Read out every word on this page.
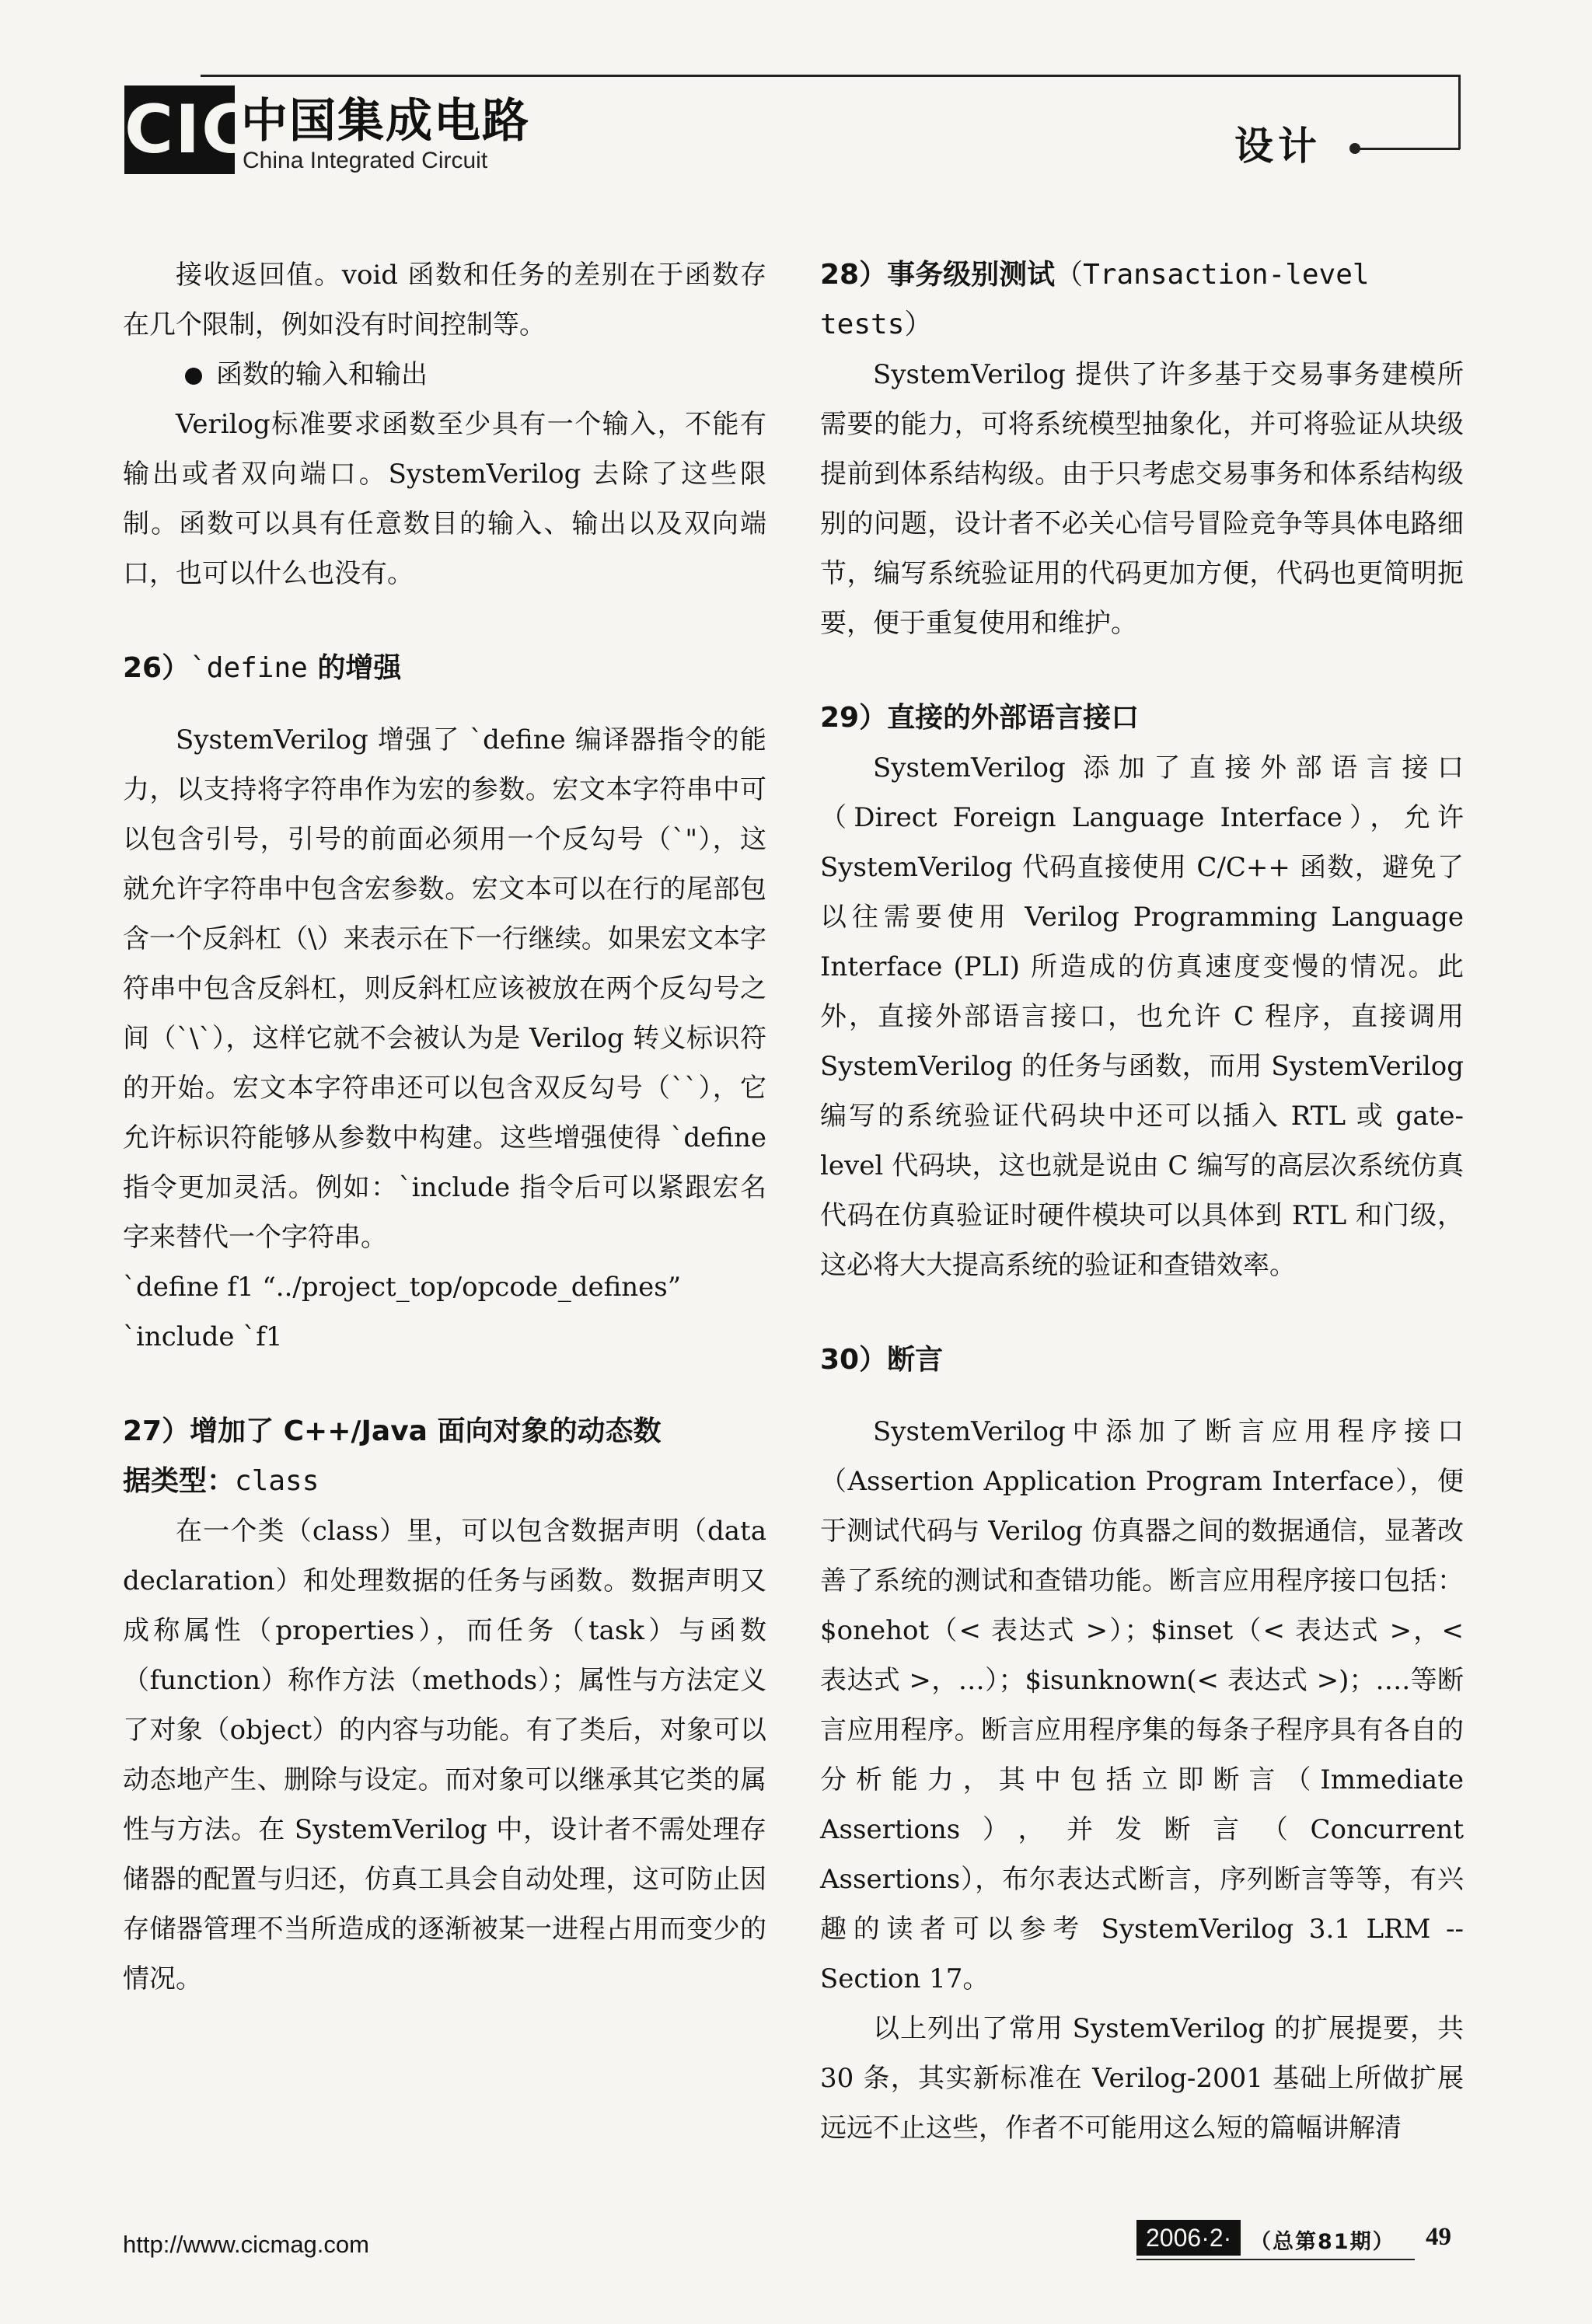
CIC
中国集成电路
China Integrated Circuit	设计

接收返回值。void 函数和任务的差别在于函数存在几个限制，例如没有时间控制等。

函数的输入和输出

Verilog标准要求函数至少具有一个输入，不能有输出或者双向端口。SystemVerilog 去除了这些限制。函数可以具有任意数目的输入、输出以及双向端口，也可以什么也没有。

26）`define 的增强

SystemVerilog 增强了 `define 编译器指令的能力，以支持将字符串作为宏的参数。宏文本字符串中可以包含引号，引号的前面必须用一个反勾号（`"），这就允许字符串中包含宏参数。宏文本可以在行的尾部包含一个反斜杠（\）来表示在下一行继续。如果宏文本字符串中包含反斜杠，则反斜杠应该被放在两个反勾号之间（`\`），这样它就不会被认为是 Verilog 转义标识符的开始。宏文本字符串还可以包含双反勾号（``），它允许标识符能够从参数中构建。这些增强使得 `define 指令更加灵活。例如：`include 指令后可以紧跟宏名字来替代一个字符串。

`define f1 “../project_top/opcode_defines”

`include `f1

27）增加了 C++/Java 面向对象的动态数
据类型：class

在一个类（class）里，可以包含数据声明（data declaration）和处理数据的任务与函数。数据声明又成称属性（properties），而任务（task）与函数（function）称作方法（methods）；属性与方法定义了对象（object）的内容与功能。有了类后，对象可以动态地产生、删除与设定。而对象可以继承其它类的属性与方法。在 SystemVerilog 中，设计者不需处理存储器的配置与归还，仿真工具会自动处理，这可防止因存储器管理不当所造成的逐渐被某一进程占用而变少的情况。

28）事务级别测试（Transaction-level
tests）

SystemVerilog 提供了许多基于交易事务建模所需要的能力，可将系统模型抽象化，并可将验证从块级提前到体系结构级。由于只考虑交易事务和体系结构级别的问题，设计者不必关心信号冒险竞争等具体电路细节，编写系统验证用的代码更加方便，代码也更简明扼要，便于重复使用和维护。

29）直接的外部语言接口

SystemVerilog 添加了直接外部语言接口（Direct Foreign Language Interface），允许 SystemVerilog 代码直接使用 C/C++ 函数，避免了以往需要使用 Verilog Programming Language Interface (PLI) 所造成的仿真速度变慢的情况。此外，直接外部语言接口，也允许 C 程序，直接调用 SystemVerilog 的任务与函数，而用 SystemVerilog 编写的系统验证代码块中还可以插入 RTL 或 gate-level 代码块，这也就是说由 C 编写的高层次系统仿真代码在仿真验证时硬件模块可以具体到 RTL 和门级，这必将大大提高系统的验证和查错效率。

30）断言

SystemVerilog中添加了断言应用程序接口（Assertion Application Program Interface），便于测试代码与 Verilog 仿真器之间的数据通信，显著改善了系统的测试和查错功能。断言应用程序接口包括：$onehot（< 表达式 >）；$inset（< 表达式 >，< 表达式 >，…）；$isunknown(< 表达式 >)；….等断言应用程序。断言应用程序集的每条子程序具有各自的分析能力，其中包括立即断言（Immediate Assertions），并发断言（Concurrent Assertions），布尔表达式断言，序列断言等等，有兴趣的读者可以参考 SystemVerilog 3.1 LRM --Section 17。

以上列出了常用 SystemVerilog 的扩展提要，共 30 条，其实新标准在 Verilog-2001 基础上所做扩展远远不止这些，作者不可能用这么短的篇幅讲解清

http://www.cicmag.com	2006·2· （总第81期） 49
